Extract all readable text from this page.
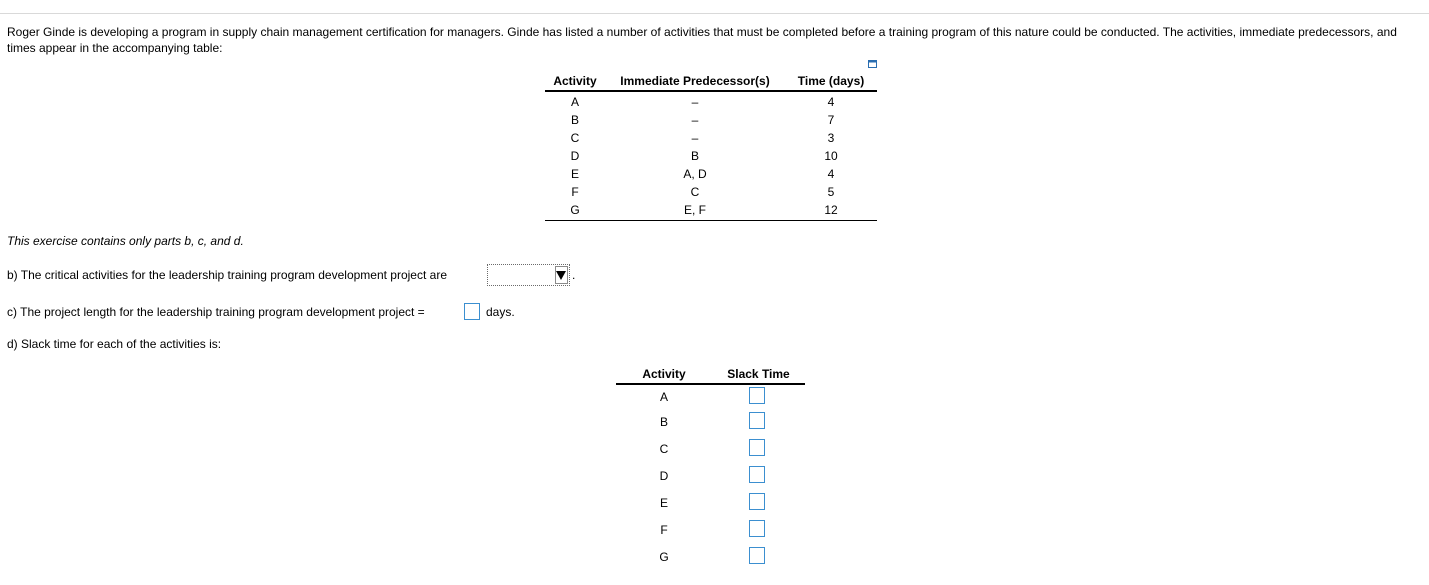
Roger Ginde is developing a program in supply chain management certification for managers. Ginde has listed a number of activities that must be completed before a training program of this nature could be conducted. The activities, immediate predecessors, and times appear in the accompanying table:
Activity	Immediate Predecessor(s)	Time (days)
A	–	4
B	–	7
C	–	3
D	B	10
E	A, D	4
F	C	5
G	E, F	12
This exercise contains only parts b, c, and d.
b) The critical activities for the leadership training program development project are	.
c) The project length for the leadership training program development project =	days.
d) Slack time for each of the activities is:
Activity	Slack Time
A
B
C
D
E
F
G
